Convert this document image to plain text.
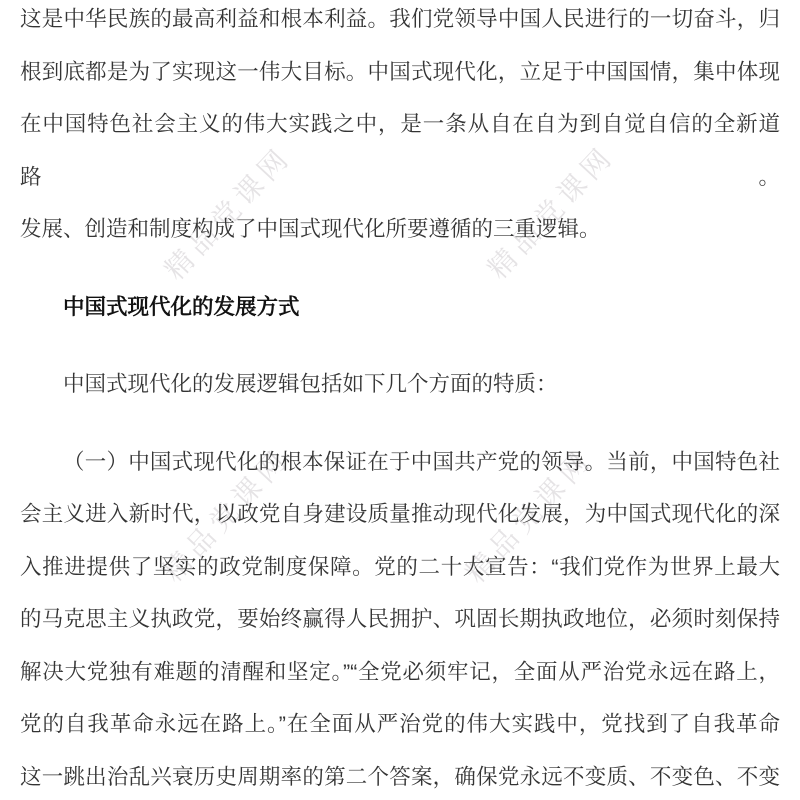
精品党课网	精品党课网
精品党课网	精品党课网
这是中华民族的最高利益和根本利益。我们党领导中国人民进行的一切奋斗，归
根到底都是为了实现这一伟大目标。中国式现代化，立足于中国国情，集中体现
在中国特色社会主义的伟大实践之中，是一条从自在自为到自觉自信的全新道路。
发展、创造和制度构成了中国式现代化所要遵循的三重逻辑。
中国式现代化的发展方式
中国式现代化的发展逻辑包括如下几个方面的特质：
（一）中国式现代化的根本保证在于中国共产党的领导。当前，中国特色社
会主义进入新时代，以政党自身建设质量推动现代化发展，为中国式现代化的深
入推进提供了坚实的政党制度保障。党的二十大宣告：“我们党作为世界上最大
的马克思主义执政党，要始终赢得人民拥护、巩固长期执政地位，必须时刻保持
解决大党独有难题的清醒和坚定。”“全党必须牢记，全面从严治党永远在路上，
党的自我革命永远在路上。”在全面从严治党的伟大实践中，党找到了自我革命
这一跳出治乱兴衰历史周期率的第二个答案，确保党永远不变质、不变色、不变
